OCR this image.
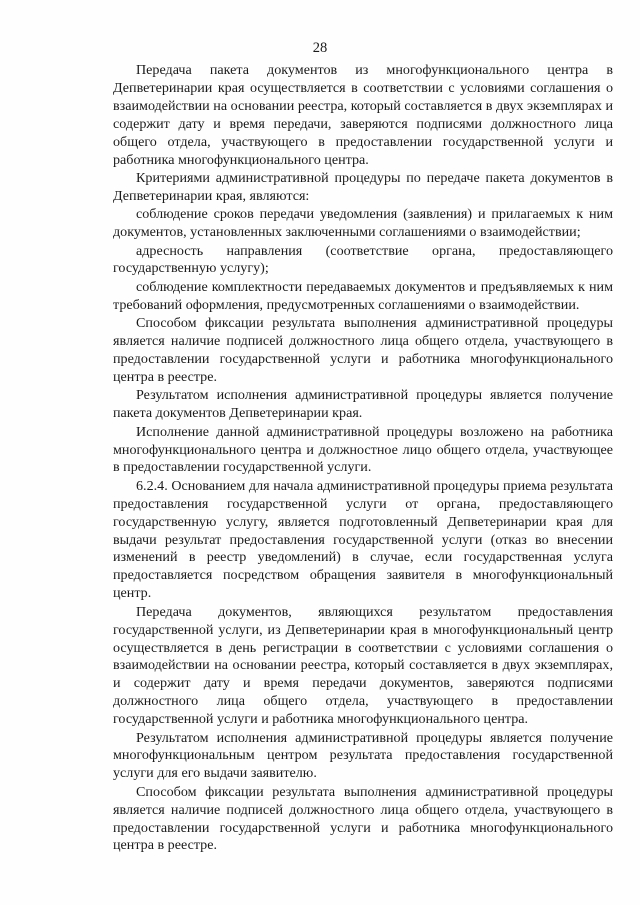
28

Передача пакета документов из многофункционального центра в Депветеринарии края осуществляется в соответствии с условиями соглашения о взаимодействии на основании реестра, который составляется в двух экземплярах и содержит дату и время передачи, заверяются подписями должностного лица общего отдела, участвующего в предоставлении государственной услуги и работника многофункционального центра.

Критериями административной процедуры по передаче пакета документов в Депветеринарии края, являются:

соблюдение сроков передачи уведомления (заявления) и прилагаемых к ним документов, установленных заключенными соглашениями о взаимодействии;

адресность направления (соответствие органа, предоставляющего государственную услугу);

соблюдение комплектности передаваемых документов и предъявляемых к ним требований оформления, предусмотренных соглашениями о взаимодействии.

Способом фиксации результата выполнения административной процедуры является наличие подписей должностного лица общего отдела, участвующего в предоставлении государственной услуги и работника многофункционального центра в реестре.

Результатом исполнения административной процедуры является получение пакета документов Депветеринарии края.

Исполнение данной административной процедуры возложено на работника многофункционального центра и должностное лицо общего отдела, участвующее в предоставлении государственной услуги.

6.2.4. Основанием для начала административной процедуры приема результата предоставления государственной услуги от органа, предоставляющего государственную услугу, является подготовленный Депветеринарии края для выдачи результат предоставления государственной услуги (отказ во внесении изменений в реестр уведомлений) в случае, если государственная услуга предоставляется посредством обращения заявителя в многофункциональный центр.

Передача документов, являющихся результатом предоставления государственной услуги, из Депветеринарии края в многофункциональный центр осуществляется в день регистрации в соответствии с условиями соглашения о взаимодействии на основании реестра, который составляется в двух экземплярах, и содержит дату и время передачи документов, заверяются подписями должностного лица общего отдела, участвующего в предоставлении государственной услуги и работника многофункционального центра.

Результатом исполнения административной процедуры является получение многофункциональным центром результата предоставления государственной услуги для его выдачи заявителю.

Способом фиксации результата выполнения административной процедуры является наличие подписей должностного лица общего отдела, участвующего в предоставлении государственной услуги и работника многофункционального центра в реестре.
